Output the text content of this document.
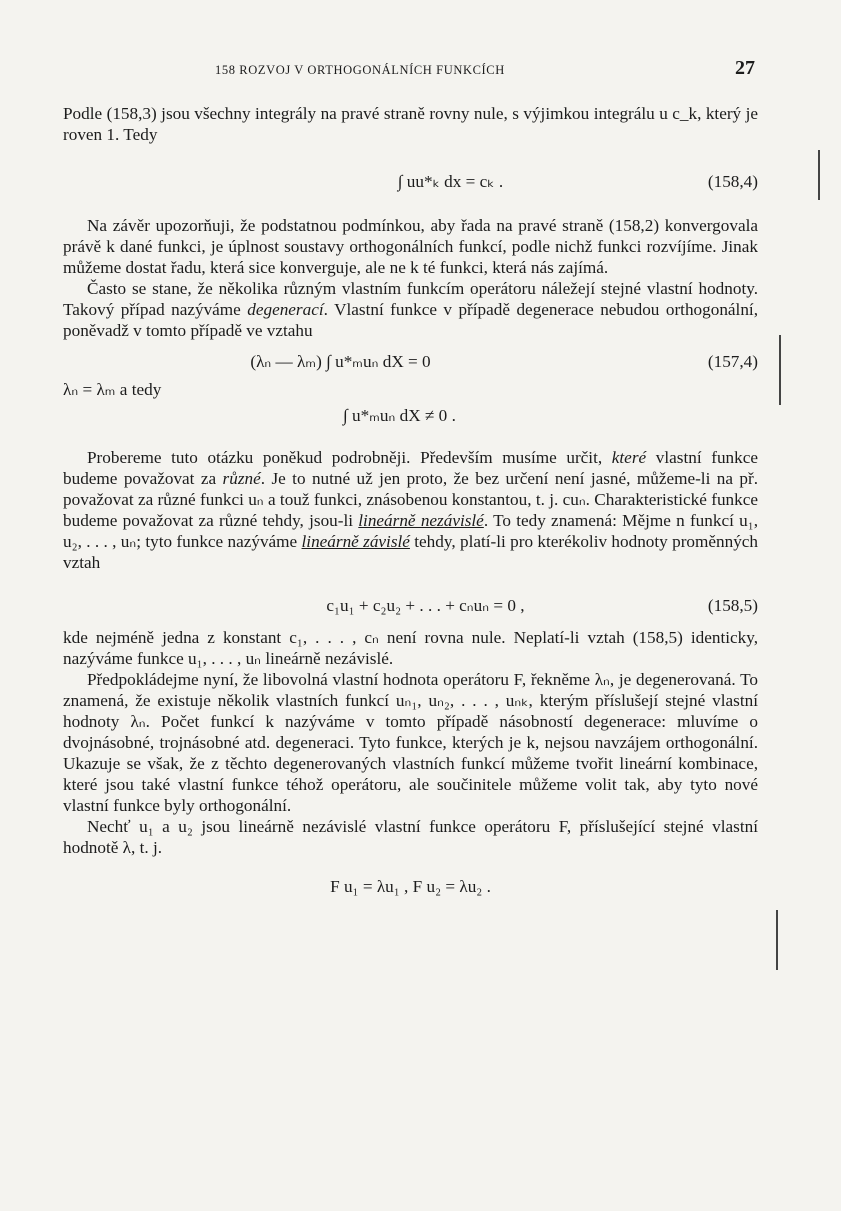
158 ROZVOJ V ORTHOGONÁLNÍCH FUNKCÍCH	27

Podle (158,3) jsou všechny integrály na pravé straně rovny nule, s výjimkou integrálu u c_k, který je roven 1. Tedy

∫ uu*ₖ dx = cₖ .	(158,4)

Na závěr upozorňuji, že podstatnou podmínkou, aby řada na pravé straně (158,2) konvergovala právě k dané funkci, je úplnost soustavy orthogonálních funkcí, podle nichž funkci rozvíjíme. Jinak můžeme dostat řadu, která sice konverguje, ale ne k té funkci, která nás zajímá.

Často se stane, že několika různým vlastním funkcím operátoru náležejí stejné vlastní hodnoty. Takový případ nazýváme degenerací. Vlastní funkce v případě degenerace nebudou orthogonální, poněvadž v tomto případě ve vztahu

(λₙ — λₘ) ∫ u*ₘuₙ dX = 0	(157,4)
λₙ = λₘ a tedy
∫ u*ₘuₙ dX ≠ 0 .

Probereme tuto otázku poněkud podrobněji. Především musíme určit, které vlastní funkce budeme považovat za různé. Je to nutné už jen proto, že bez určení není jasné, můžeme-li na př. považovat za různé funkci uₙ a touž funkci, znásobenou konstantou, t. j. cuₙ. Charakteristické funkce budeme považovat za různé tehdy, jsou-li lineárně nezávislé. To tedy znamená: Mějme n funkcí u₁, u₂, . . . , uₙ; tyto funkce nazýváme lineárně závislé tehdy, platí-li pro kterékoliv hodnoty proměnných vztah

c₁u₁ + c₂u₂ + . . . + cₙuₙ = 0 ,	(158,5)

kde nejméně jedna z konstant c₁, . . . , cₙ není rovna nule. Neplatí-li vztah (158,5) identicky, nazýváme funkce u₁, . . . , uₙ lineárně nezávislé.

Předpokládejme nyní, že libovolná vlastní hodnota operátoru F, řekněme λₙ, je degenerovaná. To znamená, že existuje několik vlastních funkcí uₙ₁, uₙ₂, . . . , uₙₖ, kterým příslušejí stejné vlastní hodnoty λₙ. Počet funkcí k nazýváme v tomto případě násobností degenerace: mluvíme o dvojnásobné, trojnásobné atd. degeneraci. Tyto funkce, kterých je k, nejsou navzájem orthogonální. Ukazuje se však, že z těchto degenerovaných vlastních funkcí můžeme tvořit lineární kombinace, které jsou také vlastní funkce téhož operátoru, ale součinitele můžeme volit tak, aby tyto nové vlastní funkce byly orthogonální.

Nechť u₁ a u₂ jsou lineárně nezávislé vlastní funkce operátoru F, příslušející stejné vlastní hodnotě λ, t. j.

F u₁ = λu₁ , F u₂ = λu₂ .
